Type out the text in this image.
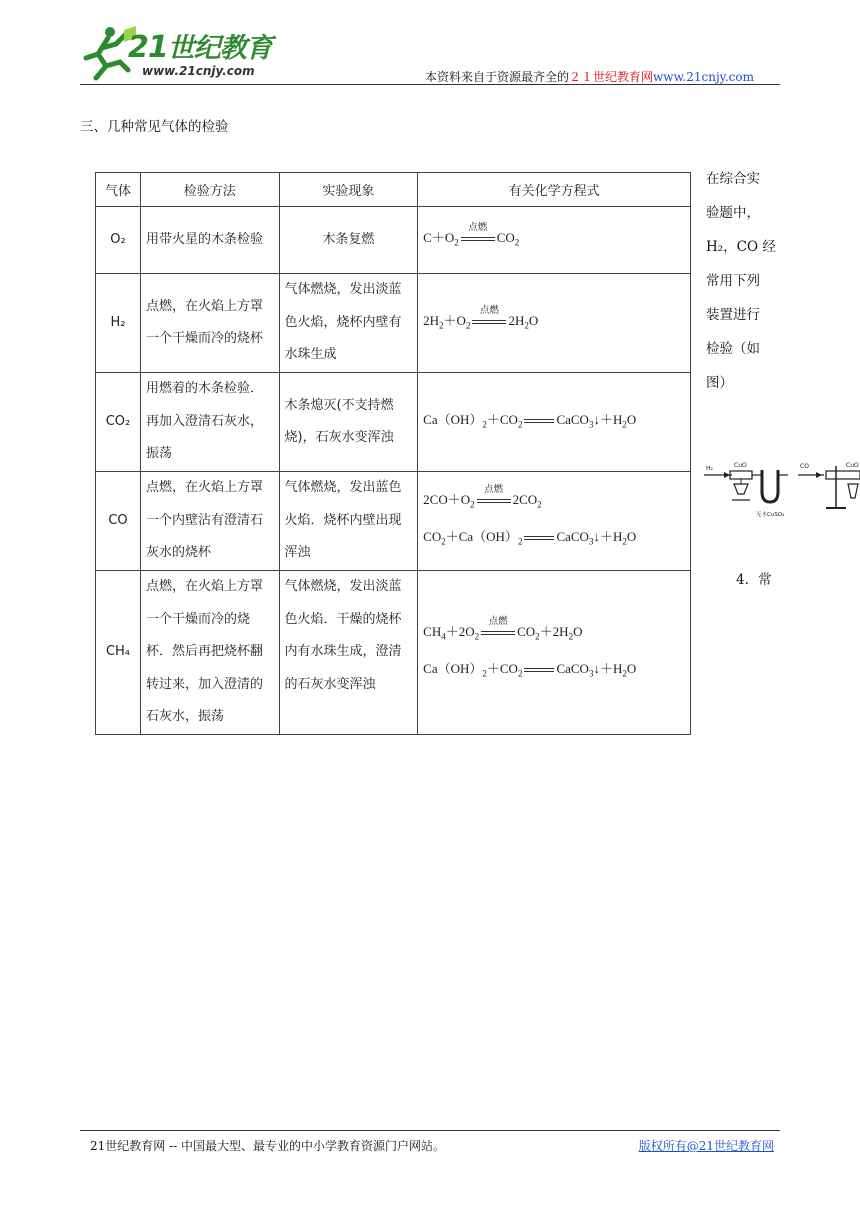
21世纪教育
www.21cnjy.com	本资料来自于资源最齐全的２１世纪教育网www.21cnjy.com
三、几种常见气体的检验
气体	检验方法	实验现象	有关化学方程式
O₂	用带火星的木条检验	木条复燃	$C+O_2$
点燃
$CO_2$

H₂	点燃，在火焰上方罩一个干燥而冷的烧杯	气体燃烧，发出淡蓝色火焰，烧杯内壁有水珠生成	$2H_2+O_2$
点燃
$2H_2O$

CO₂	用燃着的木条检验．再加入澄清石灰水，振荡	木条熄灭(不支持燃烧)，石灰水变浑浊	$Ca(OH)_2+CO_2$ $CaCO_3↓+H_2O$

CO	点燃，在火焰上方罩一个内壁沾有澄清石灰水的烧杯	气体燃烧，发出蓝色火焰．烧杯内壁出现浑浊	$2CO+O_2$
点燃
$2CO_2$
$CO_2+Ca(OH)_2$ $CaCO_3↓+H_2O$

CH₄	点燃，在火焰上方罩一个干燥而冷的烧杯．然后再把烧杯翻转过来，加入澄清的石灰水，振荡	气体燃烧，发出淡蓝色火焰．干燥的烧杯内有水珠生成，澄清的石灰水变浑浊	$CH_4+2O_2$
点燃
$CO_2+2H_2O$
$Ca(OH)_2+CO_2$ $CaCO_3↓+H_2O$
在综合实
验题中，
H₂，CO 经
常用下列
装置进行
检验（如
图）
H₂	CuO
无水CuSO₄
CO	CuO
4．常
21世纪教育网 -- 中国最大型、最专业的中小学教育资源门户网站。	版权所有@21世纪教育网
